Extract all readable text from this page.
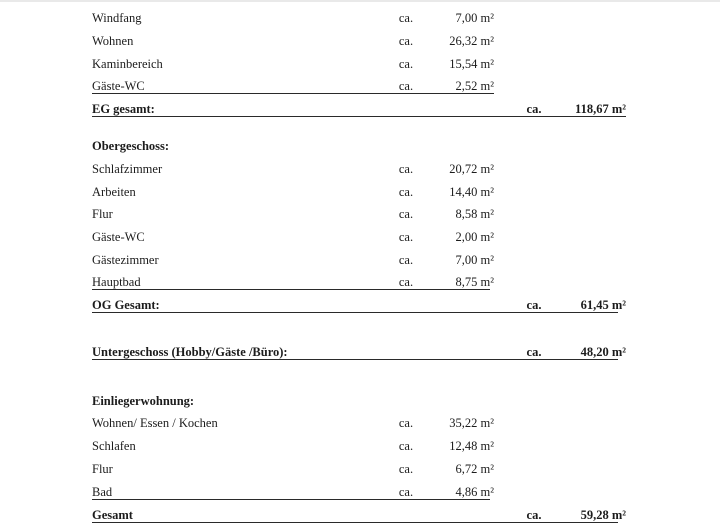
Windfang	ca.	7,00 m²
Wohnen	ca.	26,32 m²
Kaminbereich	ca.	15,54 m²
Gäste-WC	ca.	2,52 m²
EG gesamt:	ca.	118,67 m²
Obergeschoss:
Schlafzimmer	ca.	20,72 m²
Arbeiten	ca.	14,40 m²
Flur	ca.	8,58 m²
Gäste-WC	ca.	2,00 m²
Gästezimmer	ca.	7,00 m²
Hauptbad	ca.	8,75 m²
OG Gesamt:	ca.	61,45 m²
Untergeschoss (Hobby/Gäste /Büro):	ca.	48,20 m²
Einliegerwohnung:
Wohnen/ Essen / Kochen	ca.	35,22 m²
Schlafen	ca.	12,48 m²
Flur	ca.	6,72 m²
Bad	ca.	4,86 m²
Gesamt	ca.	59,28 m²
